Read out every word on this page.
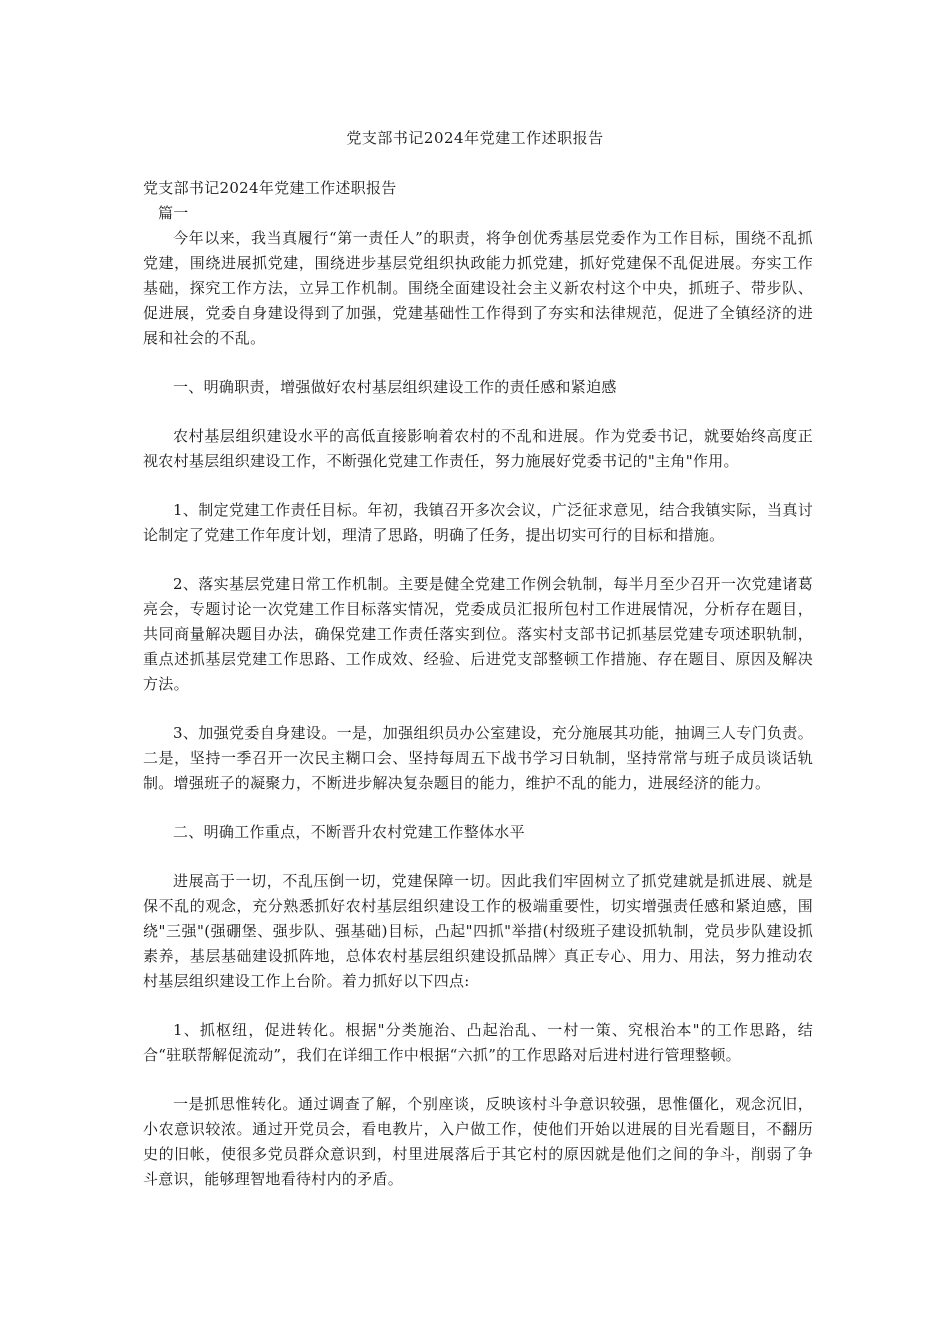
党支部书记2024年党建工作述职报告

党支部书记2024年党建工作述职报告

篇一

今年以来，我当真履行“第一责任人”的职责，将争创优秀基层党委作为工作目标，围绕不乱抓党建，围绕进展抓党建，围绕进步基层党组织执政能力抓党建，抓好党建保不乱促进展。夯实工作基础，探究工作方法，立异工作机制。围绕全面建设社会主义新农村这个中央，抓班子、带步队、促进展，党委自身建设得到了加强，党建基础性工作得到了夯实和法律规范，促进了全镇经济的进展和社会的不乱。

一、明确职责，增强做好农村基层组织建设工作的责任感和紧迫感

农村基层组织建设水平的高低直接影响着农村的不乱和进展。作为党委书记，就要始终高度正视农村基层组织建设工作，不断强化党建工作责任，努力施展好党委书记的"主角"作用。

1、制定党建工作责任目标。年初，我镇召开多次会议，广泛征求意见，结合我镇实际，当真讨论制定了党建工作年度计划，理清了思路，明确了任务，提出切实可行的目标和措施。

2、落实基层党建日常工作机制。主要是健全党建工作例会轨制，每半月至少召开一次党建诸葛亮会，专题讨论一次党建工作目标落实情况，党委成员汇报所包村工作进展情况，分析存在题目，共同商量解决题目办法，确保党建工作责任落实到位。落实村支部书记抓基层党建专项述职轨制，重点述抓基层党建工作思路、工作成效、经验、后进党支部整顿工作措施、存在题目、原因及解决方法。

3、加强党委自身建设。一是，加强组织员办公室建设，充分施展其功能，抽调三人专门负责。二是，坚持一季召开一次民主糊口会、坚持每周五下战书学习日轨制，坚持常常与班子成员谈话轨制。增强班子的凝聚力，不断进步解决复杂题目的能力，维护不乱的能力，进展经济的能力。

二、明确工作重点，不断晋升农村党建工作整体水平

进展高于一切，不乱压倒一切，党建保障一切。因此我们牢固树立了抓党建就是抓进展、就是保不乱的观念，充分熟悉抓好农村基层组织建设工作的极端重要性，切实增强责任感和紧迫感，围绕"三强"(强硼堡、强步队、强基础)目标，凸起"四抓"举措(村级班子建设抓轨制，党员步队建设抓素养，基层基础建设抓阵地，总体农村基层组织建设抓品牌〉真正专心、用力、用法，努力推动农村基层组织建设工作上台阶。着力抓好以下四点:

1、抓枢纽，促进转化。根据"分类施治、凸起治乱、一村一策、究根治本"的工作思路，结合“驻联帮解促流动”，我们在详细工作中根据“六抓”的工作思路对后进村进行管理整顿。

一是抓思惟转化。通过调查了解，个别座谈，反映该村斗争意识较强，思惟僵化，观念沉旧，小农意识较浓。通过开党员会，看电教片，入户做工作，使他们开始以进展的目光看题目，不翻历史的旧帐，使很多党员群众意识到，村里进展落后于其它村的原因就是他们之间的争斗，削弱了争斗意识，能够理智地看待村内的矛盾。
